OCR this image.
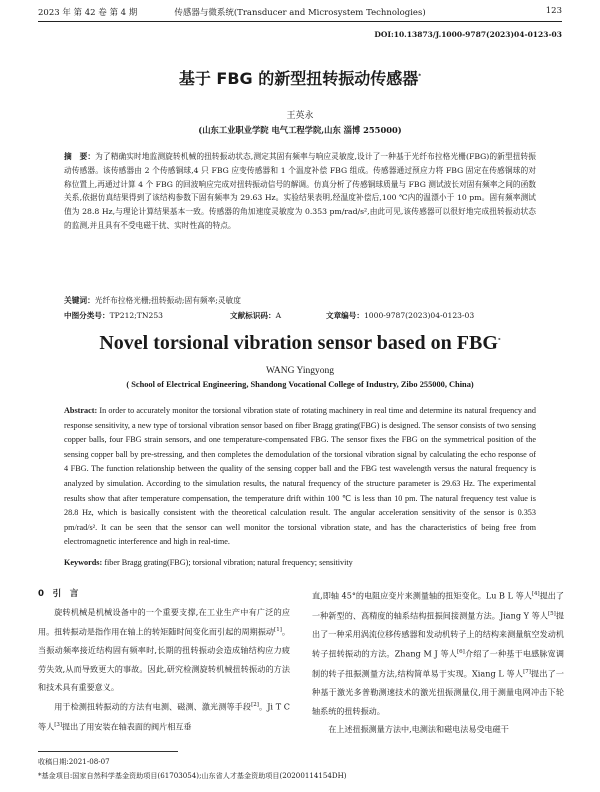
2023 年 第 42 卷 第 4 期	传感器与微系统(Transducer and Microsystem Technologies)	123
DOI:10.13873/J.1000-9787(2023)04-0123-03
基于 FBG 的新型扭转振动传感器*
王英永
(山东工业职业学院 电气工程学院,山东 淄博 255000)
摘　要：为了精确实时地监测旋转机械的扭转振动状态,测定其固有频率与响应灵敏度,设计了一种基于光纤布拉格光栅(FBG)的新型扭转振动传感器。该传感器由 2 个传感铜球,4 只 FBG 应变传感器和 1 个温度补偿 FBG 组成。传感器通过预应力将 FBG 固定在传感铜球的对称位置上,再通过计算 4 个 FBG 的回波响应完成对扭转振动信号的解调。仿真分析了传感铜球质量与 FBG 测试波长对固有频率之间的函数关系,依据仿真结果得到了该结构参数下固有频率为 29.63 Hz。实验结果表明,经温度补偿后,100 ℃内的温漂小于 10 pm。固有频率测试值为 28.8 Hz,与理论计算结果基本一致。传感器的角加速度灵敏度为 0.353 pm/rad/s²,由此可见,该传感器可以很好地完成扭转振动状态的监测,并且具有不受电磁干扰、实时性高的特点。
关键词：光纤布拉格光栅;扭转振动;固有频率;灵敏度
中图分类号：TP212;TN253	文献标识码：A	文章编号：1000-9787(2023)04-0123-03
Novel torsional vibration sensor based on FBG*
WANG Yingyong
( School of Electrical Engineering, Shandong Vocational College of Industry, Zibo 255000, China)
Abstract: In order to accurately monitor the torsional vibration state of rotating machinery in real time and determine its natural frequency and response sensitivity, a new type of torsional vibration sensor based on fiber Bragg grating(FBG) is designed. The sensor consists of two sensing copper balls, four FBG strain sensors, and one temperature-compensated FBG. The sensor fixes the FBG on the symmetrical position of the sensing copper ball by pre-stressing, and then completes the demodulation of the torsional vibration signal by calculating the echo response of 4 FBG. The function relationship between the quality of the sensing copper ball and the FBG test wavelength versus the natural frequency is analyzed by simulation. According to the simulation results, the natural frequency of the structure parameter is 29.63 Hz. The experimental results show that after temperature compensation, the temperature drift within 100 ℃ is less than 10 pm. The natural frequency test value is 28.8 Hz, which is basically consistent with the theoretical calculation result. The angular acceleration sensitivity of the sensor is 0.353 pm/rad/s². It can be seen that the sensor can well monitor the torsional vibration state, and has the characteristics of being free from electromagnetic interference and high in real-time.
Keywords: fiber Bragg grating(FBG); torsional vibration; natural frequency; sensitivity
0　引　言
旋转机械是机械设备中的一个重要支撑,在工业生产中有广泛的应用。扭转振动是指作用在轴上的转矩随时间变化而引起的周期振动[1]。当振动频率接近结构固有频率时,长期的扭转振动会造成轴结构应力疲劳失效,从而导致更大的事故。因此,研究检测旋转机械扭转振动的方法和技术具有重要意义。
用于检测扭转振动的方法有电测、磁测、激光测等手段[2]。Ji T C 等人[3]提出了用安装在轴表面的阀片相互垂
直,即轴 45°的电阻应变片来测量轴的扭矩变化。Lu B L 等人[4]提出了一种新型的、高精度的轴系结构扭振间接测量方法。Jiang Y 等人[5]提出了一种采用涡流位移传感器和发动机转子上的结构来测量航空发动机转子扭转振动的方法。Zhang M J 等人[6]介绍了一种基于电感脉宽调制的转子扭振测量方法,结构简单易于实现。Xiang L 等人[7]提出了一种基于激光多普勒测速技术的激光扭振测量仪,用于测量电网冲击下轮轴系统的扭转振动。
在上述扭振测量方法中,电测法和磁电法易受电磁干
收稿日期:2021-08-07
*基金项目:国家自然科学基金资助项目(61703054);山东省人才基金资助项目(20200114154DH)
